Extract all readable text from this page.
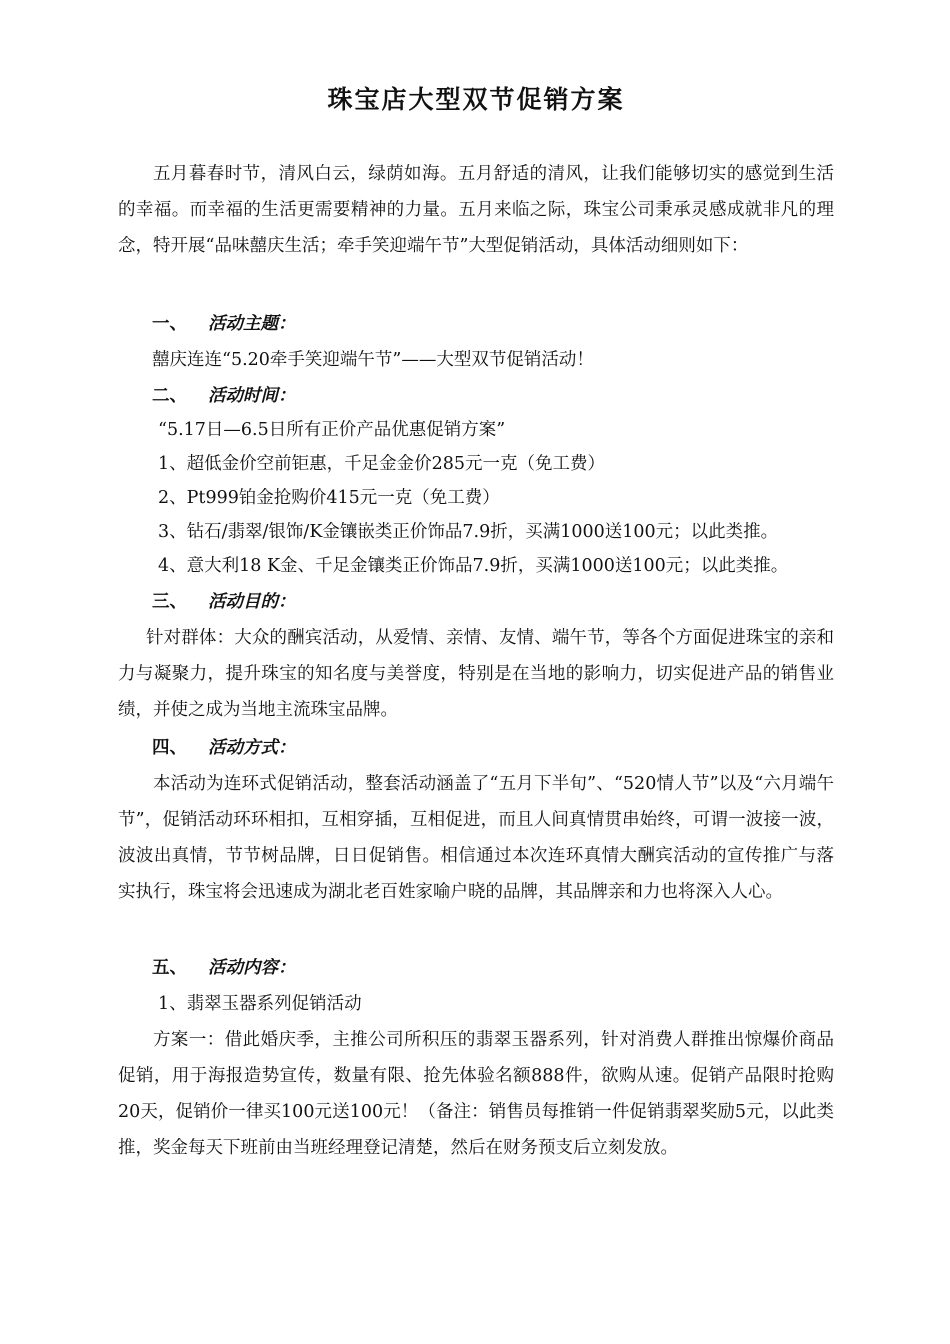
珠宝店大型双节促销方案
五月暮春时节，清风白云，绿荫如海。五月舒适的清风，让我们能够切实的感觉到生活的幸福。而幸福的生活更需要精神的力量。五月来临之际，珠宝公司秉承灵感成就非凡的理念，特开展“品味囍庆生活；牵手笑迎端午节”大型促销活动，具体活动细则如下：
一、 活动主题：
囍庆连连“5.20牵手笑迎端午节”——大型双节促销活动！
二、 活动时间：
“5.17日—6.5日所有正价产品优惠促销方案”
1、超低金价空前钜惠，千足金金价285元一克（免工费）
2、Pt999铂金抢购价415元一克（免工费）
3、钻石/翡翠/银饰/K金镶嵌类正价饰品7.9折，买满1000送100元；以此类推。
4、意大利18 K金、千足金镶类正价饰品7.9折，买满1000送100元；以此类推。
三、 活动目的：
针对群体：大众的酬宾活动，从爱情、亲情、友情、端午节，等各个方面促进珠宝的亲和力与凝聚力，提升珠宝的知名度与美誉度，特别是在当地的影响力，切实促进产品的销售业绩，并使之成为当地主流珠宝品牌。
四、 活动方式：
本活动为连环式促销活动，整套活动涵盖了“五月下半旬”、“520情人节”以及“六月端午节”，促销活动环环相扣，互相穿插，互相促进，而且人间真情贯串始终，可谓一波接一波，波波出真情，节节树品牌，日日促销售。相信通过本次连环真情大酬宾活动的宣传推广与落实执行，珠宝将会迅速成为湖北老百姓家喻户晓的品牌，其品牌亲和力也将深入人心。
五、 活动内容：
1、翡翠玉器系列促销活动
方案一：借此婚庆季，主推公司所积压的翡翠玉器系列，针对消费人群推出惊爆价商品促销，用于海报造势宣传，数量有限、抢先体验名额888件，欲购从速。促销产品限时抢购20天，促销价一律买100元送100元！（备注：销售员每推销一件促销翡翠奖励5元，以此类推，奖金每天下班前由当班经理登记清楚，然后在财务预支后立刻发放。
